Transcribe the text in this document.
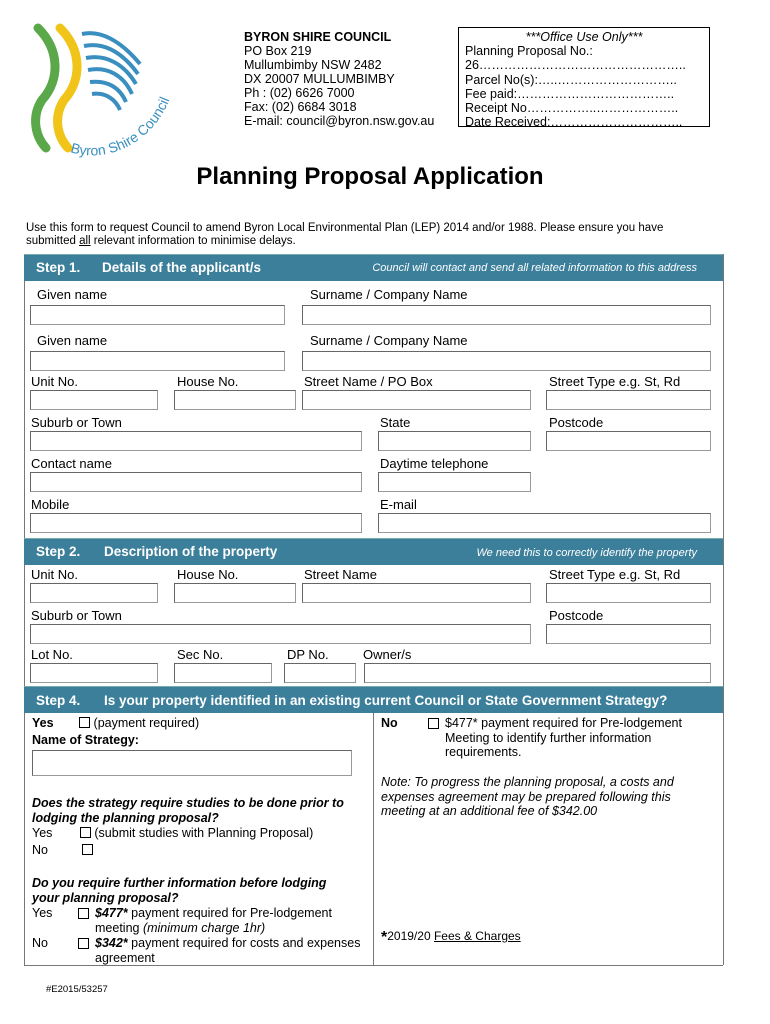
Byron Shire Council
BYRON SHIRE COUNCIL
PO Box 219
Mullumbimby NSW 2482
DX 20007 MULLUMBIMBY
Ph : (02) 6626 7000
Fax: (02) 6684 3018
E-mail: council@byron.nsw.gov.au
***Office Use Only***
Planning Proposal No.:
26…………………………………………..
Parcel No(s):…..………………………..
Fee paid:………………………………..
Receipt No……………..………………..
Date Received:…………………………..
Planning Proposal Application
Use this form to request Council to amend Byron Local Environmental Plan (LEP) 2014 and/or 1988. Please ensure you have submitted all relevant information to minimise delays.
Step 1. Details of the applicant/s	Council will contact and send all related information to this address
Given name	Surname / Company Name
Given name	Surname / Company Name
Unit No.	House No.	Street Name / PO Box	Street Type e.g. St, Rd
Suburb or Town	State	Postcode
Contact name	Daytime telephone
Mobile	E-mail
Step 2. Description of the property	We need this to correctly identify the property
Unit No.	House No.	Street Name	Street Type e.g. St, Rd
Suburb or Town	Postcode
Lot No.	Sec No.	DP No.	Owner/s
Step 4. Is your property identified in an existing current Council or State Government Strategy?
Yes	(payment required)
Name of Strategy:
Does the strategy require studies to be done prior to lodging the planning proposal?
Yes	(submit studies with Planning Proposal)
No
Do you require further information before lodging your planning proposal?
Yes	$477* payment required for Pre-lodgement meeting (minimum charge 1hr)
No	$342* payment required for costs and expenses agreement
No	$477* payment required for Pre-lodgement Meeting to identify further information requirements.
Note: To progress the planning proposal, a costs and expenses agreement may be prepared following this meeting at an additional fee of $342.00
*2019/20 Fees & Charges
#E2015/53257
